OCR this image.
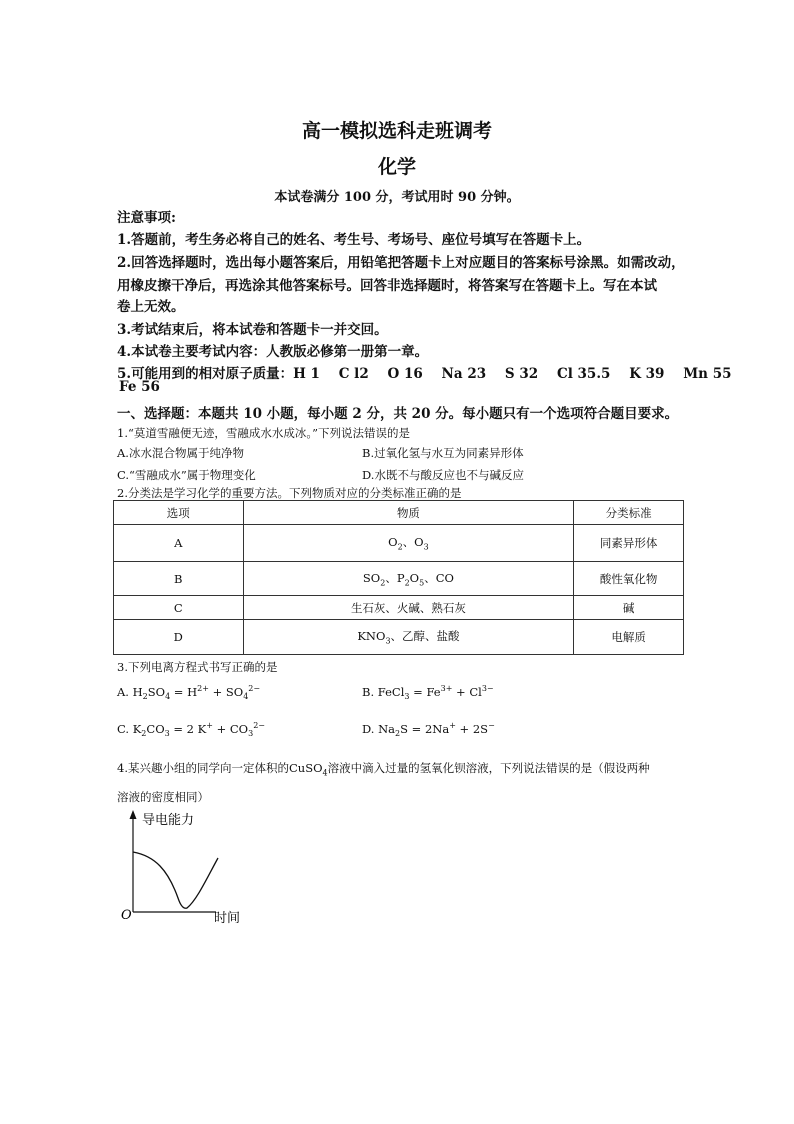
高一模拟选科走班调考
化学
本试卷满分 100 分，考试用时 90 分钟。
注意事项:
1.答题前，考生务必将自己的姓名、考生号、考场号、座位号填写在答题卡上。
2.回答选择题时，选出每小题答案后，用铅笔把答题卡上对应题目的答案标号涂黑。如需改动，
用橡皮擦干净后，再选涂其他答案标号。回答非选择题时，将答案写在答题卡上。写在本试
卷上无效。
3.考试结束后，将本试卷和答题卡一并交回。
4.本试卷主要考试内容：人教版必修第一册第一章。
5.可能用到的相对原子质量：H 1    C l2    O 16    Na 23    S 32    Cl 35.5    K 39    Mn 55
Fe 56
一、选择题：本题共 10 小题，每小题 2 分，共 20 分。每小题只有一个选项符合题目要求。
1.“莫道雪融便无迹，雪融成水水成冰。”下列说法错误的是
A.冰水混合物属于纯净物	B.过氧化氢与水互为同素异形体
C.“雪融成水”属于物理变化	D.水既不与酸反应也不与碱反应
2.分类法是学习化学的重要方法。下列物质对应的分类标准正确的是
选项	物质	分类标准
A	$O_2$、$O_3$	同素异形体
B	$SO_2$、$P_2O_5$、CO	酸性氧化物
C	生石灰、火碱、熟石灰	碱
D	$KNO_3$、乙醇、盐酸	电解质
3.下列电离方程式书写正确的是
A. $H_2SO_4 = H^{2+} + SO_4^{2-}$	B. FeCl$_3$ = $Fe^{3+} + Cl^{3-}$
C. $K_2CO_3 = 2$ $K^+ + CO_3^{2-}$	D. $Na_2S = 2Na^+ + 2S^-$
4.某兴趣小组的同学向一定体积的CuSO$_4$溶液中滴入过量的氢氧化钡溶液，下列说法错误的是（假设两种
溶液的密度相同）
导电能力
时间
O
